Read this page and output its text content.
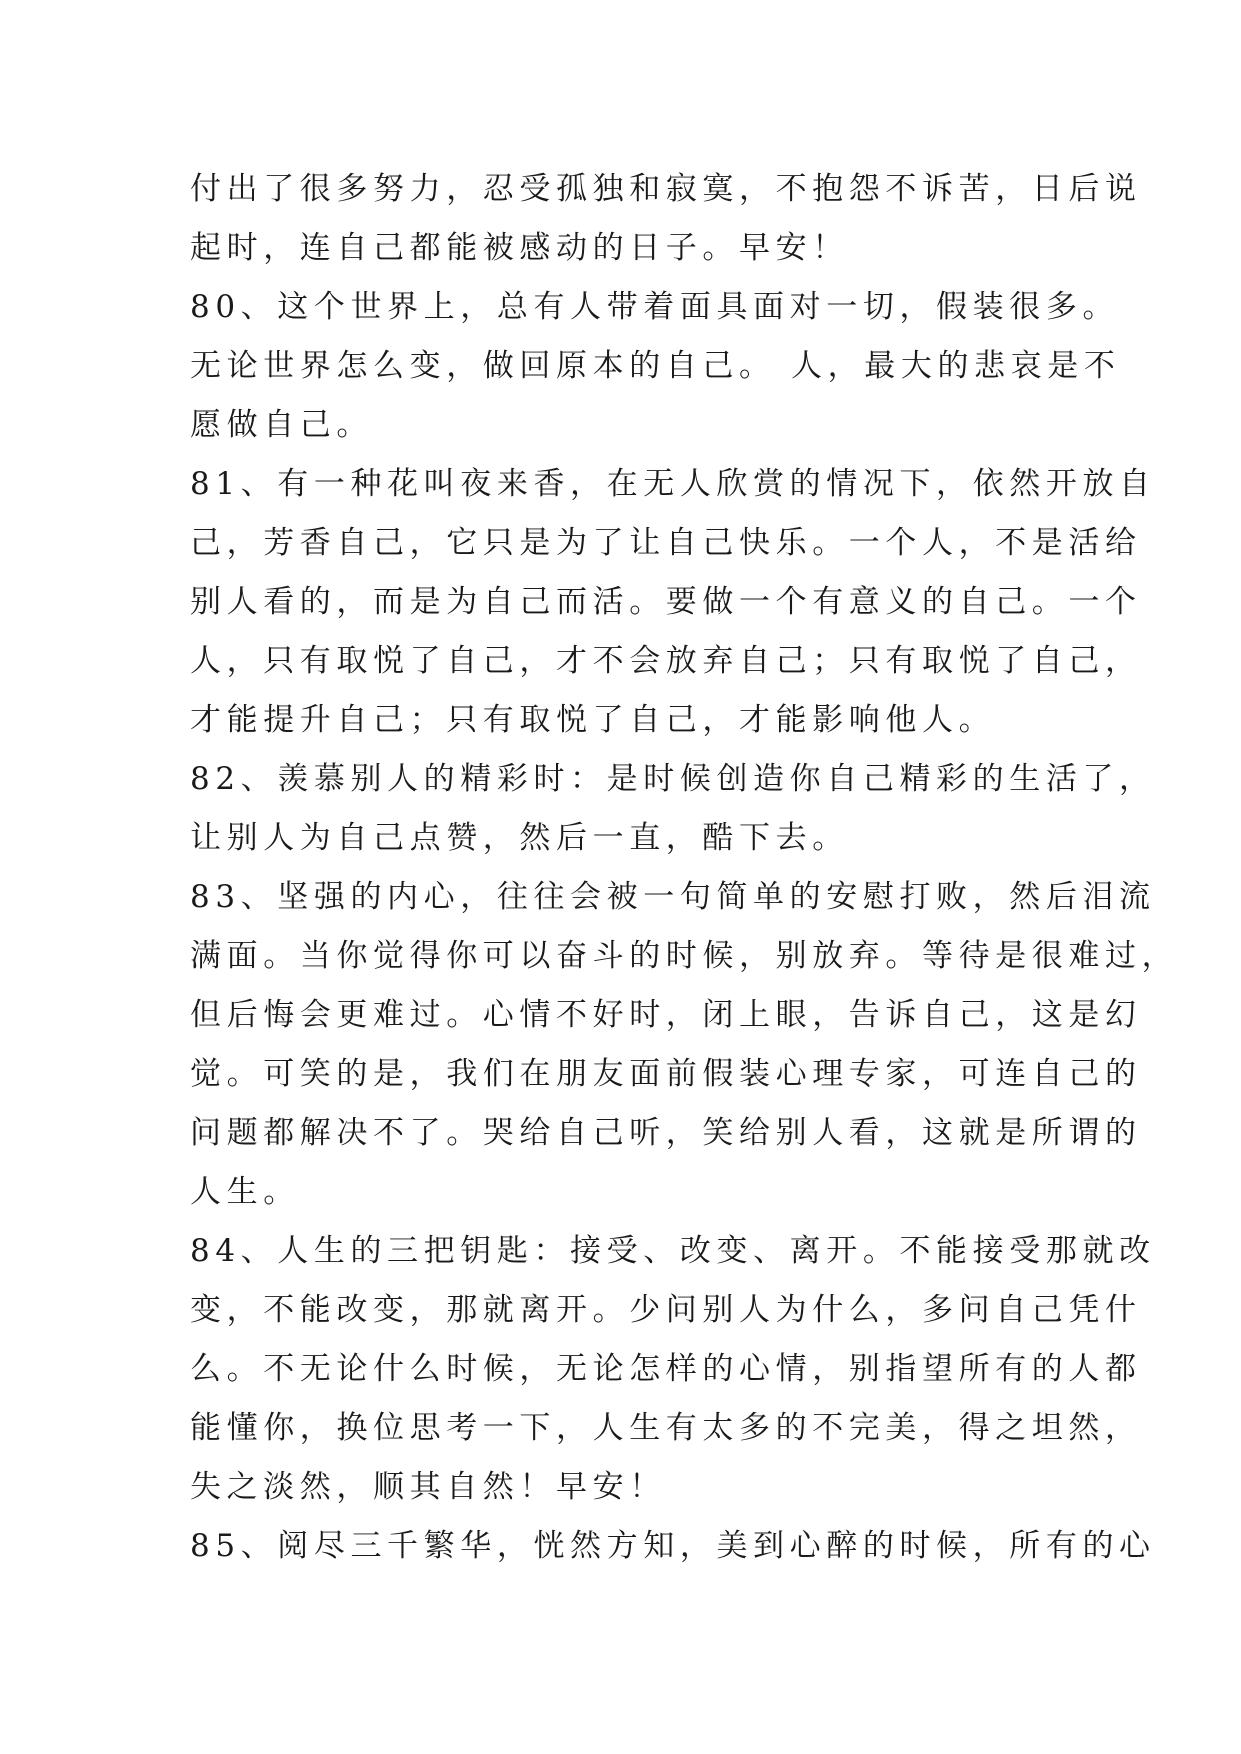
付出了很多努力，忍受孤独和寂寞，不抱怨不诉苦，日后说
起时，连自己都能被感动的日子。早安！
80、这个世界上，总有人带着面具面对一切，假装很多。
无论世界怎么变，做回原本的自己。 人，最大的悲哀是不
愿做自己。
81、有一种花叫夜来香，在无人欣赏的情况下，依然开放自
己，芳香自己，它只是为了让自己快乐。一个人，不是活给
别人看的，而是为自己而活。要做一个有意义的自己。一个
人，只有取悦了自己，才不会放弃自己；只有取悦了自己，
才能提升自己；只有取悦了自己，才能影响他人。
82、羡慕别人的精彩时：是时候创造你自己精彩的生活了，
让别人为自己点赞，然后一直，酷下去。
83、坚强的内心，往往会被一句简单的安慰打败，然后泪流
满面。当你觉得你可以奋斗的时候，别放弃。等待是很难过，
但后悔会更难过。心情不好时，闭上眼，告诉自己，这是幻
觉。可笑的是，我们在朋友面前假装心理专家，可连自己的
问题都解决不了。哭给自己听，笑给别人看，这就是所谓的
人生。
84、人生的三把钥匙：接受、改变、离开。不能接受那就改
变，不能改变，那就离开。少问别人为什么，多问自己凭什
么。不无论什么时候，无论怎样的心情，别指望所有的人都
能懂你，换位思考一下，人生有太多的不完美，得之坦然，
失之淡然，顺其自然！早安！
85、阅尽三千繁华，恍然方知，美到心醉的时候，所有的心
